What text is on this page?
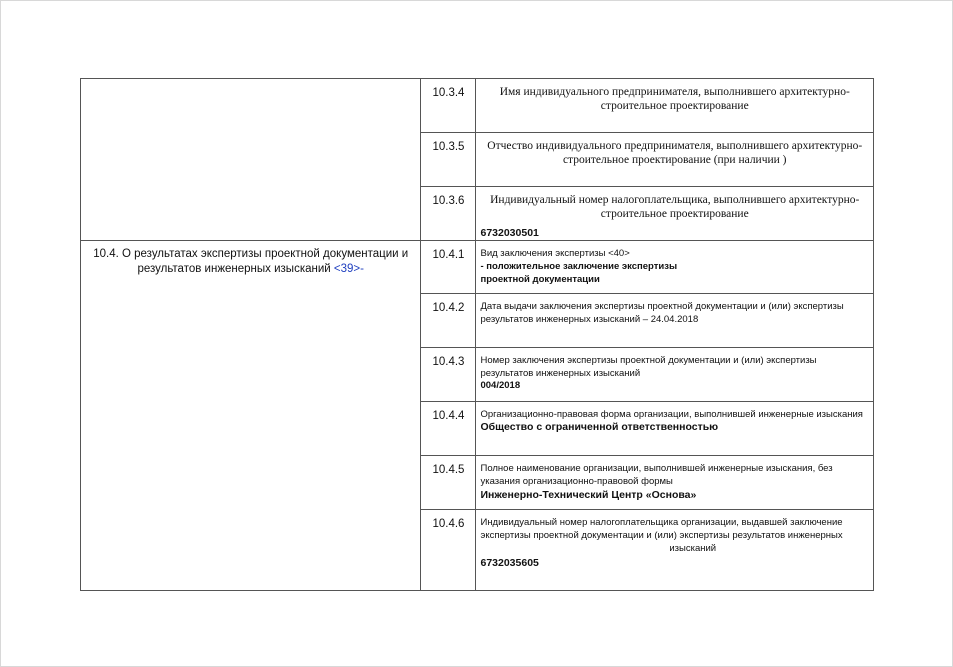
	10.3.4	Имя индивидуального предпринимателя, выполнившего архитектурно-строительное проектирование

	10.3.5	Отчество индивидуального предпринимателя, выполнившего архитектурно-строительное проектирование (при наличии )

	10.3.6	Индивидуальный номер налогоплательщика, выполнившего архитектурно-строительное проектирование
6732030501

10.4. О результатах экспертизы проектной документации и результатов инженерных изысканий <39>-	10.4.1	Вид заключения экспертизы <40>
- положительное заключение экспертизы
проектной документации

	10.4.2	Дата выдачи заключения экспертизы проектной документации и (или) экспертизы
результатов инженерных изысканий – 24.04.2018

	10.4.3	Номер заключения экспертизы проектной документации и (или) экспертизы результатов инженерных изысканий
004/2018

	10.4.4	Организационно-правовая форма организации, выполнившей инженерные изыскания
Общество с ограниченной ответственностью

	10.4.5	Полное наименование организации, выполнившей инженерные изыскания, без указания организационно-правовой формы
Инженерно-Технический Центр «Основа»

	10.4.6	Индивидуальный номер налогоплательщика организации, выдавшей заключение экспертизы проектной документации и (или) экспертизы результатов инженерных
изысканий
6732035605
